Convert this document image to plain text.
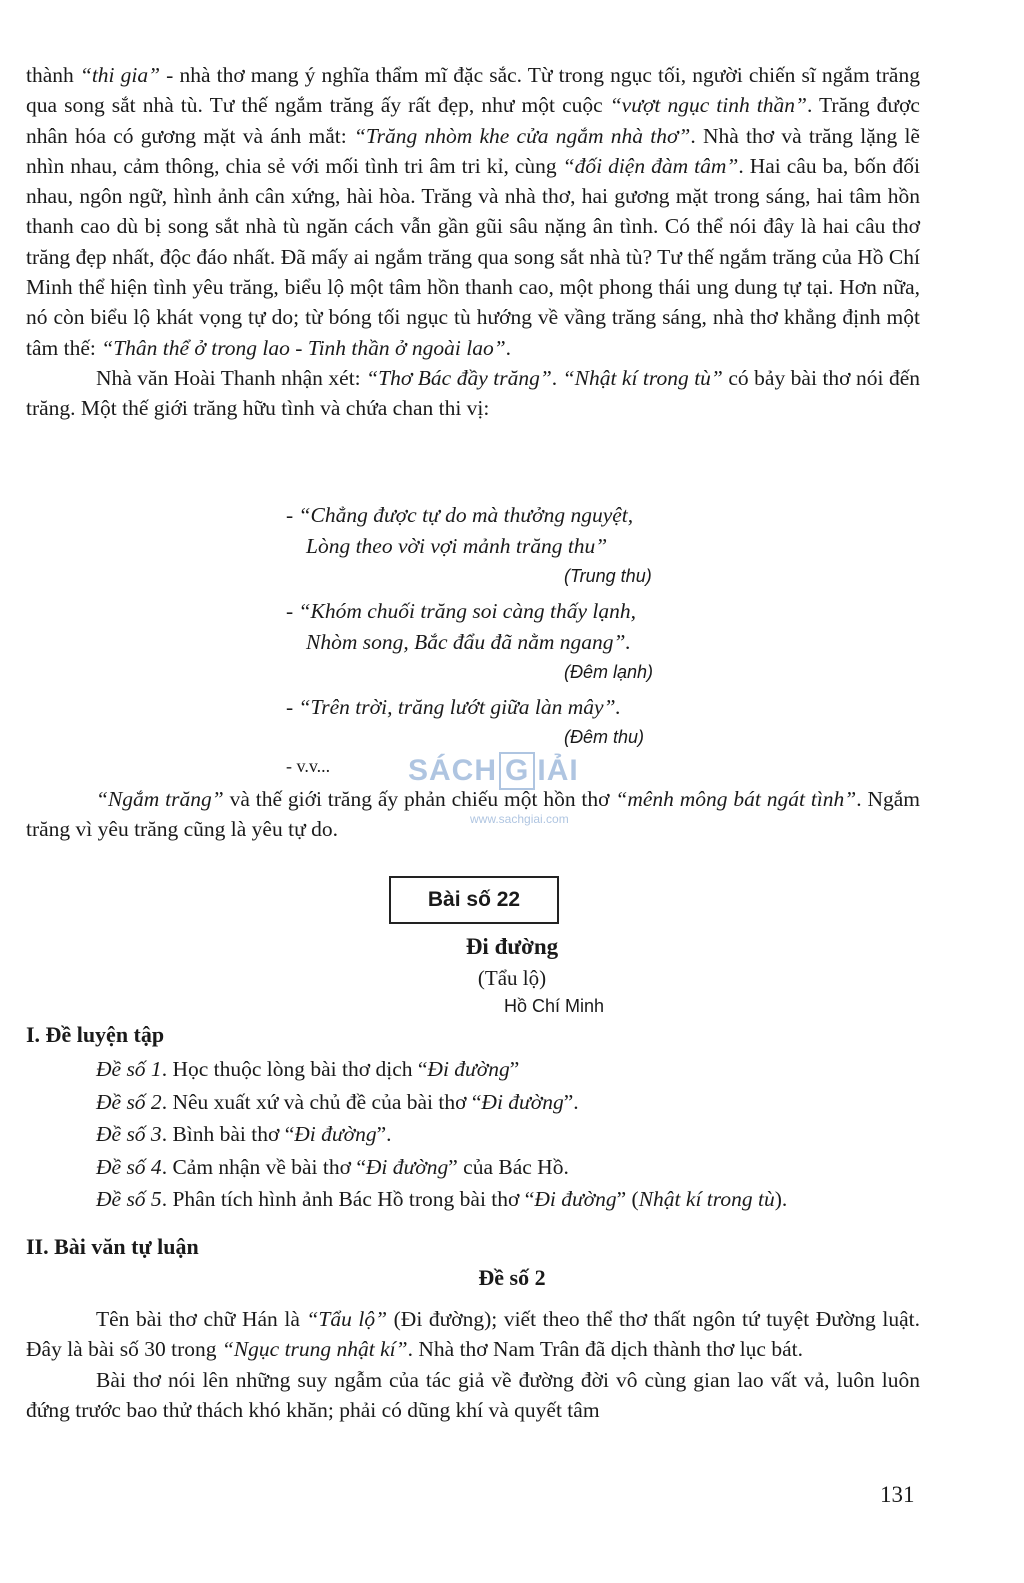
thành “thi gia” - nhà thơ mang ý nghĩa thẩm mĩ đặc sắc. Từ trong ngục tối, người chiến sĩ ngắm trăng qua song sắt nhà tù. Tư thế ngắm trăng ấy rất đẹp, như một cuộc “vượt ngục tinh thần”. Trăng được nhân hóa có gương mặt và ánh mắt: “Trăng nhòm khe cửa ngắm nhà thơ”. Nhà thơ và trăng lặng lẽ nhìn nhau, cảm thông, chia sẻ với mối tình tri âm tri kỉ, cùng “đối diện đàm tâm”. Hai câu ba, bốn đối nhau, ngôn ngữ, hình ảnh cân xứng, hài hòa. Trăng và nhà thơ, hai gương mặt trong sáng, hai tâm hồn thanh cao dù bị song sắt nhà tù ngăn cách vẫn gần gũi sâu nặng ân tình. Có thể nói đây là hai câu thơ trăng đẹp nhất, độc đáo nhất. Đã mấy ai ngắm trăng qua song sắt nhà tù? Tư thế ngắm trăng của Hồ Chí Minh thể hiện tình yêu trăng, biểu lộ một tâm hồn thanh cao, một phong thái ung dung tự tại. Hơn nữa, nó còn biểu lộ khát vọng tự do; từ bóng tối ngục tù hướng về vầng trăng sáng, nhà thơ khẳng định một tâm thế: “Thân thể ở trong lao - Tinh thần ở ngoài lao”.

Nhà văn Hoài Thanh nhận xét: “Thơ Bác đầy trăng”. “Nhật kí trong tù” có bảy bài thơ nói đến trăng. Một thế giới trăng hữu tình và chứa chan thi vị:

- “Chẳng được tự do mà thưởng nguyệt,
Lòng theo vời vợi mảnh trăng thu”
(Trung thu)
- “Khóm chuối trăng soi càng thấy lạnh,
Nhòm song, Bắc đẩu đã nằm ngang”.
(Đêm lạnh)
- “Trên trời, trăng lướt giữa làn mây”.
(Đêm thu)
- v.v...	SÁCH G IẢI
www.sachgiai.com

“Ngắm trăng” và thế giới trăng ấy phản chiếu một hồn thơ “mênh mông bát ngát tình”. Ngắm trăng vì yêu trăng cũng là yêu tự do.

Bài số 22
Đi đường
(Tẩu lộ)
Hồ Chí Minh
I. Đề luyện tập
Đề số 1. Học thuộc lòng bài thơ dịch “Đi đường”
Đề số 2. Nêu xuất xứ và chủ đề của bài thơ “Đi đường”.
Đề số 3. Bình bài thơ “Đi đường”.
Đề số 4. Cảm nhận về bài thơ “Đi đường” của Bác Hồ.
Đề số 5. Phân tích hình ảnh Bác Hồ trong bài thơ “Đi đường” (Nhật kí trong tù).
II. Bài văn tự luận
Đề số 2

Tên bài thơ chữ Hán là “Tẩu lộ” (Đi đường); viết theo thể thơ thất ngôn tứ tuyệt Đường luật. Đây là bài số 30 trong “Ngục trung nhật kí”. Nhà thơ Nam Trân đã dịch thành thơ lục bát.

Bài thơ nói lên những suy ngẫm của tác giả về đường đời vô cùng gian lao vất vả, luôn luôn đứng trước bao thử thách khó khăn; phải có dũng khí và quyết tâm

131
